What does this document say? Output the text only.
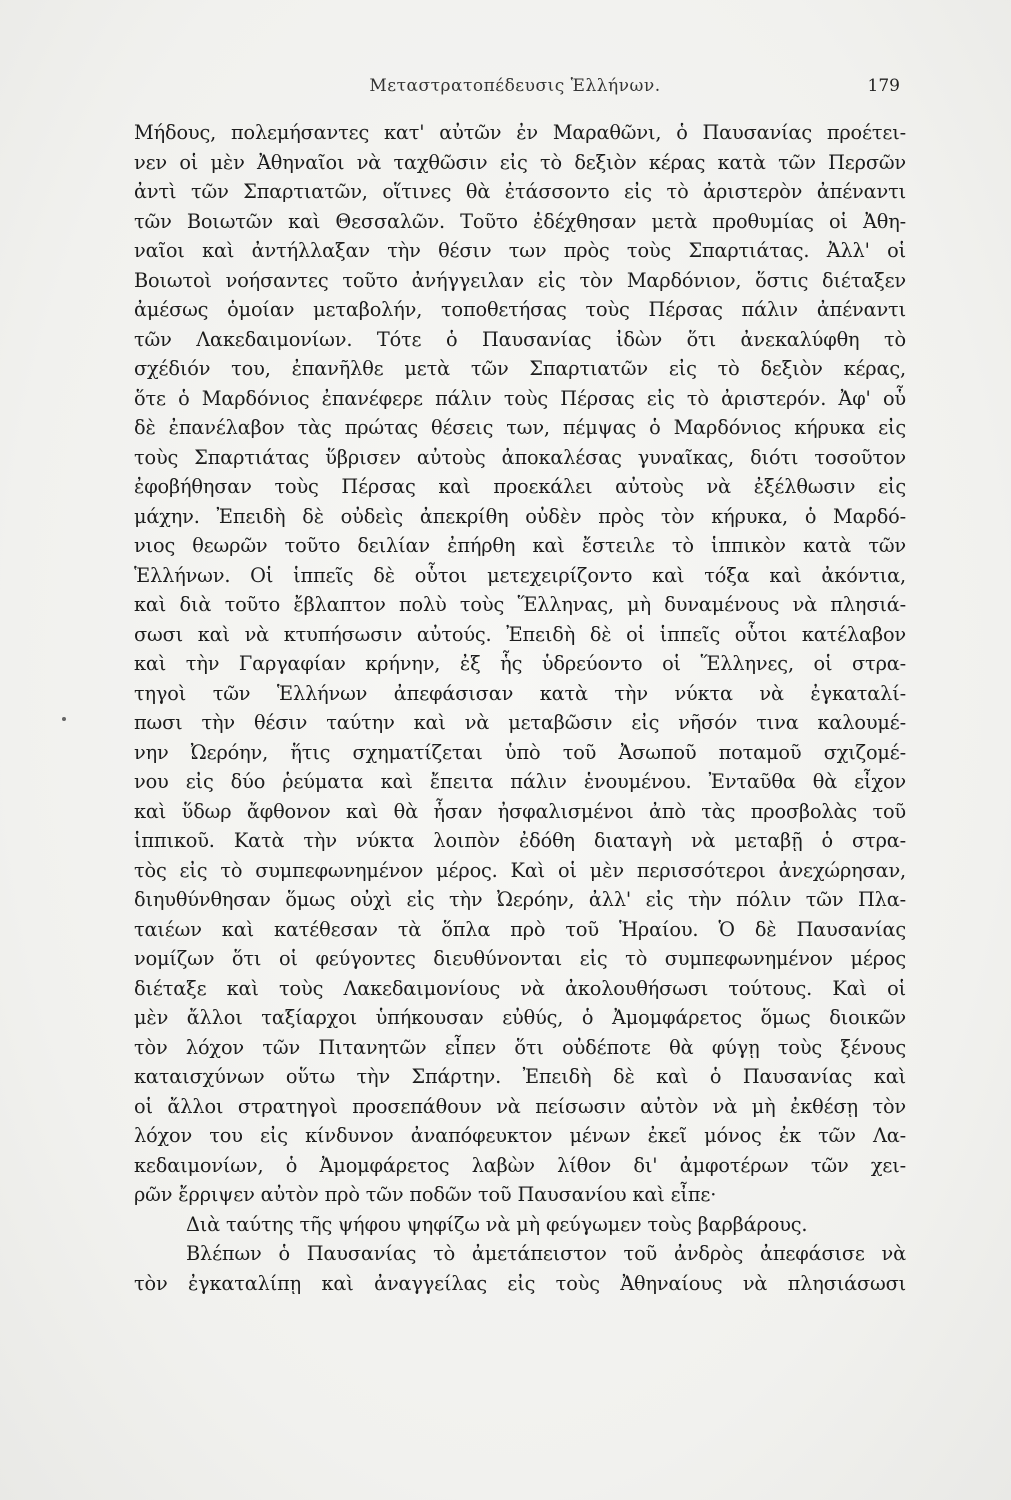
Μεταστρατοπέδευσις Ἑλλήνων.	179
Μήδους, πολεμήσαντες κατ' αὐτῶν ἐν Μαραθῶνι, ὁ Παυσανίας προέτει-
νεν οἱ μὲν Ἀθηναῖοι νὰ ταχθῶσιν εἰς τὸ δεξιὸν κέρας κατὰ τῶν Περσῶν
ἀντὶ τῶν Σπαρτιατῶν, οἵτινες θὰ ἐτάσσοντο εἰς τὸ ἀριστερὸν ἀπέναντι
τῶν Βοιωτῶν καὶ Θεσσαλῶν. Τοῦτο ἐδέχθησαν μετὰ προθυμίας οἱ Ἀθη-
ναῖοι καὶ ἀντήλλαξαν τὴν θέσιν των πρὸς τοὺς Σπαρτιάτας. Ἀλλ' οἱ
Βοιωτοὶ νοήσαντες τοῦτο ἀνήγγειλαν εἰς τὸν Μαρδόνιον, ὅστις διέταξεν
ἀμέσως ὁμοίαν μεταβολήν, τοποθετήσας τοὺς Πέρσας πάλιν ἀπέναντι
τῶν Λακεδαιμονίων. Τότε ὁ Παυσανίας ἰδὼν ὅτι ἀνεκαλύφθη τὸ
σχέδιόν του, ἐπανῆλθε μετὰ τῶν Σπαρτιατῶν εἰς τὸ δεξιὸν κέρας,
ὅτε ὁ Μαρδόνιος ἐπανέφερε πάλιν τοὺς Πέρσας εἰς τὸ ἀριστερόν. Ἀφ' οὗ
δὲ ἐπανέλαβον τὰς πρώτας θέσεις των, πέμψας ὁ Μαρδόνιος κήρυκα εἰς
τοὺς Σπαρτιάτας ὕβρισεν αὐτοὺς ἀποκαλέσας γυναῖκας, διότι τοσοῦτον
ἐφοβήθησαν τοὺς Πέρσας καὶ προεκάλει αὐτοὺς νὰ ἐξέλθωσιν εἰς
μάχην. Ἐπειδὴ δὲ οὐδεὶς ἀπεκρίθη οὐδὲν πρὸς τὸν κήρυκα, ὁ Μαρδό-
νιος θεωρῶν τοῦτο δειλίαν ἐπήρθη καὶ ἔστειλε τὸ ἱππικὸν κατὰ τῶν
Ἑλλήνων. Οἱ ἱππεῖς δὲ οὗτοι μετεχειρίζοντο καὶ τόξα καὶ ἀκόντια,
καὶ διὰ τοῦτο ἔβλαπτον πολὺ τοὺς Ἕλληνας, μὴ δυναμένους νὰ πλησιά-
σωσι καὶ νὰ κτυπήσωσιν αὐτούς. Ἐπειδὴ δὲ οἱ ἱππεῖς οὗτοι κατέλαβον
καὶ τὴν Γαργαφίαν κρήνην, ἐξ ἧς ὑδρεύοντο οἱ Ἕλληνες, οἱ στρα-
τηγοὶ τῶν Ἑλλήνων ἀπεφάσισαν κατὰ τὴν νύκτα νὰ ἐγκαταλί-
πωσι τὴν θέσιν ταύτην καὶ νὰ μεταβῶσιν εἰς νῆσόν τινα καλουμέ-
νην Ὠερόην, ἥτις σχηματίζεται ὑπὸ τοῦ Ἀσωποῦ ποταμοῦ σχιζομέ-
νου εἰς δύο ῥεύματα καὶ ἔπειτα πάλιν ἑνουμένου. Ἐνταῦθα θὰ εἶχον
καὶ ὕδωρ ἄφθονον καὶ θὰ ἦσαν ἠσφαλισμένοι ἀπὸ τὰς προσβολὰς τοῦ
ἱππικοῦ. Κατὰ τὴν νύκτα λοιπὸν ἐδόθη διαταγὴ νὰ μεταβῇ ὁ στρα-
τὸς εἰς τὸ συμπεφωνημένον μέρος. Καὶ οἱ μὲν περισσότεροι ἀνεχώρησαν,
διηυθύνθησαν ὅμως οὐχὶ εἰς τὴν Ὠερόην, ἀλλ' εἰς τὴν πόλιν τῶν Πλα-
ταιέων καὶ κατέθεσαν τὰ ὅπλα πρὸ τοῦ Ἡραίου. Ὁ δὲ Παυσανίας
νομίζων ὅτι οἱ φεύγοντες διευθύνονται εἰς τὸ συμπεφωνημένον μέρος
διέταξε καὶ τοὺς Λακεδαιμονίους νὰ ἀκολουθήσωσι τούτους. Καὶ οἱ
μὲν ἄλλοι ταξίαρχοι ὑπήκουσαν εὐθύς, ὁ Ἀμομφάρετος ὅμως διοικῶν
τὸν λόχον τῶν Πιτανητῶν εἶπεν ὅτι οὐδέποτε θὰ φύγῃ τοὺς ξένους
καταισχύνων οὕτω τὴν Σπάρτην. Ἐπειδὴ δὲ καὶ ὁ Παυσανίας καὶ
οἱ ἄλλοι στρατηγοὶ προσεπάθουν νὰ πείσωσιν αὐτὸν νὰ μὴ ἐκθέσῃ τὸν
λόχον του εἰς κίνδυνον ἀναπόφευκτον μένων ἐκεῖ μόνος ἐκ τῶν Λα-
κεδαιμονίων, ὁ Ἀμομφάρετος λαβὼν λίθον δι' ἀμφοτέρων τῶν χει-
ρῶν ἔρριψεν αὐτὸν πρὸ τῶν ποδῶν τοῦ Παυσανίου καὶ εἶπε·
Διὰ ταύτης τῆς ψήφου ψηφίζω νὰ μὴ φεύγωμεν τοὺς βαρβάρους.
Βλέπων ὁ Παυσανίας τὸ ἀμετάπειστον τοῦ ἀνδρὸς ἀπεφάσισε νὰ
τὸν ἐγκαταλίπῃ καὶ ἀναγγείλας εἰς τοὺς Ἀθηναίους νὰ πλησιάσωσι
